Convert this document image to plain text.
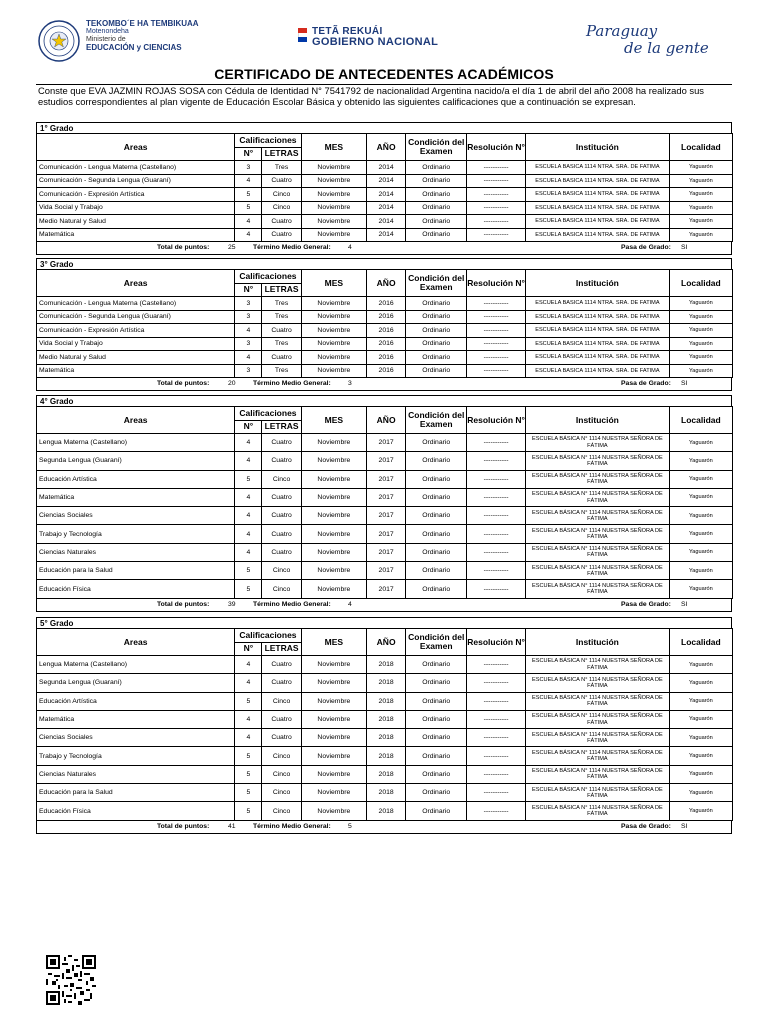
TEKOMBO´E HA TEMBIKUAA
Motenondeha
Ministerio de
EDUCACIÓN y CIENCIAS
TETÃ REKUÁI
GOBIERNO NACIONAL
Paraguay
de la gente
CERTIFICADO DE ANTECEDENTES ACADÉMICOS
Conste que EVA JAZMIN ROJAS SOSA con Cédula de Identidad N° 7541792 de nacionalidad Argentina nacido/a el día 1 de abril del año 2008 ha realizado sus estudios correspondientes al plan vigente de Educación Escolar Básica y obtenido las siguientes calificaciones que a continuación se expresan.
1° Grado
Areas	Calificaciones		MES	AÑO	Condición del Examen	Resolución N°	Institución	Localidad
	N°	LETRAS						
Comunicación - Lengua Materna (Castellano)	3	Tres	Noviembre	2014	Ordinario	-----------	ESCUELA BASICA 1114 NTRA. SRA. DE FATIMA	Yaguarón
Comunicación - Segunda Lengua (Guaraní)	4	Cuatro	Noviembre	2014	Ordinario	-----------	ESCUELA BASICA 1114 NTRA. SRA. DE FATIMA	Yaguarón
Comunicación - Expresión Artística	5	Cinco	Noviembre	2014	Ordinario	-----------	ESCUELA BASICA 1114 NTRA. SRA. DE FATIMA	Yaguarón
Vida Social y Trabajo	5	Cinco	Noviembre	2014	Ordinario	-----------	ESCUELA BASICA 1114 NTRA. SRA. DE FATIMA	Yaguarón
Medio Natural y Salud	4	Cuatro	Noviembre	2014	Ordinario	-----------	ESCUELA BASICA 1114 NTRA. SRA. DE FATIMA	Yaguarón
Matemática	4	Cuatro	Noviembre	2014	Ordinario	-----------	ESCUELA BASICA 1114 NTRA. SRA. DE FATIMA	Yaguarón
Total de puntos:	25	Término Medio General:	4	Pasa de Grado: SI
3° Grado
Areas	Calificaciones		MES	AÑO	Condición del Examen	Resolución N°	Institución	Localidad
	N°	LETRAS						
Comunicación - Lengua Materna (Castellano)	3	Tres	Noviembre	2016	Ordinario	-----------	ESCUELA BASICA 1114 NTRA. SRA. DE FATIMA	Yaguarón
Comunicación - Segunda Lengua (Guaraní)	3	Tres	Noviembre	2016	Ordinario	-----------	ESCUELA BASICA 1114 NTRA. SRA. DE FATIMA	Yaguarón
Comunicación - Expresión Artística	4	Cuatro	Noviembre	2016	Ordinario	-----------	ESCUELA BASICA 1114 NTRA. SRA. DE FATIMA	Yaguarón
Vida Social y Trabajo	3	Tres	Noviembre	2016	Ordinario	-----------	ESCUELA BASICA 1114 NTRA. SRA. DE FATIMA	Yaguarón
Medio Natural y Salud	4	Cuatro	Noviembre	2016	Ordinario	-----------	ESCUELA BASICA 1114 NTRA. SRA. DE FATIMA	Yaguarón
Matemática	3	Tres	Noviembre	2016	Ordinario	-----------	ESCUELA BASICA 1114 NTRA. SRA. DE FATIMA	Yaguarón
Total de puntos:	20	Término Medio General:	3	Pasa de Grado: SI
4° Grado
Areas	Calificaciones		MES	AÑO	Condición del Examen	Resolución N°	Institución	Localidad
	N°	LETRAS						
Lengua Materna (Castellano)	4	Cuatro	Noviembre	2017	Ordinario	-----------	ESCUELA BÁSICA N° 1114 NUESTRA SEÑORA DE FÁTIMA	Yaguarón
Segunda Lengua (Guaraní)	4	Cuatro	Noviembre	2017	Ordinario	-----------	ESCUELA BÁSICA N° 1114 NUESTRA SEÑORA DE FÁTIMA	Yaguarón
Educación Artística	5	Cinco	Noviembre	2017	Ordinario	-----------	ESCUELA BÁSICA N° 1114 NUESTRA SEÑORA DE FÁTIMA	Yaguarón
Matemática	4	Cuatro	Noviembre	2017	Ordinario	-----------	ESCUELA BÁSICA N° 1114 NUESTRA SEÑORA DE FÁTIMA	Yaguarón
Ciencias Sociales	4	Cuatro	Noviembre	2017	Ordinario	-----------	ESCUELA BÁSICA N° 1114 NUESTRA SEÑORA DE FÁTIMA	Yaguarón
Trabajo y Tecnología	4	Cuatro	Noviembre	2017	Ordinario	-----------	ESCUELA BÁSICA N° 1114 NUESTRA SEÑORA DE FÁTIMA	Yaguarón
Ciencias Naturales	4	Cuatro	Noviembre	2017	Ordinario	-----------	ESCUELA BÁSICA N° 1114 NUESTRA SEÑORA DE FÁTIMA	Yaguarón
Educación para la Salud	5	Cinco	Noviembre	2017	Ordinario	-----------	ESCUELA BÁSICA N° 1114 NUESTRA SEÑORA DE FÁTIMA	Yaguarón
Educación Física	5	Cinco	Noviembre	2017	Ordinario	-----------	ESCUELA BÁSICA N° 1114 NUESTRA SEÑORA DE FÁTIMA	Yaguarón
Total de puntos:	39	Término Medio General:	4	Pasa de Grado: SI
5° Grado
Areas	Calificaciones		MES	AÑO	Condición del Examen	Resolución N°	Institución	Localidad
	N°	LETRAS						
Lengua Materna (Castellano)	4	Cuatro	Noviembre	2018	Ordinario	-----------	ESCUELA BÁSICA N° 1114 NUESTRA SEÑORA DE FÁTIMA	Yaguarón
Segunda Lengua (Guaraní)	4	Cuatro	Noviembre	2018	Ordinario	-----------	ESCUELA BÁSICA N° 1114 NUESTRA SEÑORA DE FÁTIMA	Yaguarón
Educación Artística	5	Cinco	Noviembre	2018	Ordinario	-----------	ESCUELA BÁSICA N° 1114 NUESTRA SEÑORA DE FÁTIMA	Yaguarón
Matemática	4	Cuatro	Noviembre	2018	Ordinario	-----------	ESCUELA BÁSICA N° 1114 NUESTRA SEÑORA DE FÁTIMA	Yaguarón
Ciencias Sociales	4	Cuatro	Noviembre	2018	Ordinario	-----------	ESCUELA BÁSICA N° 1114 NUESTRA SEÑORA DE FÁTIMA	Yaguarón
Trabajo y Tecnología	5	Cinco	Noviembre	2018	Ordinario	-----------	ESCUELA BÁSICA N° 1114 NUESTRA SEÑORA DE FÁTIMA	Yaguarón
Ciencias Naturales	5	Cinco	Noviembre	2018	Ordinario	-----------	ESCUELA BÁSICA N° 1114 NUESTRA SEÑORA DE FÁTIMA	Yaguarón
Educación para la Salud	5	Cinco	Noviembre	2018	Ordinario	-----------	ESCUELA BÁSICA N° 1114 NUESTRA SEÑORA DE FÁTIMA	Yaguarón
Educación Física	5	Cinco	Noviembre	2018	Ordinario	-----------	ESCUELA BÁSICA N° 1114 NUESTRA SEÑORA DE FÁTIMA	Yaguarón
Total de puntos:	41	Término Medio General:	5	Pasa de Grado: SI
